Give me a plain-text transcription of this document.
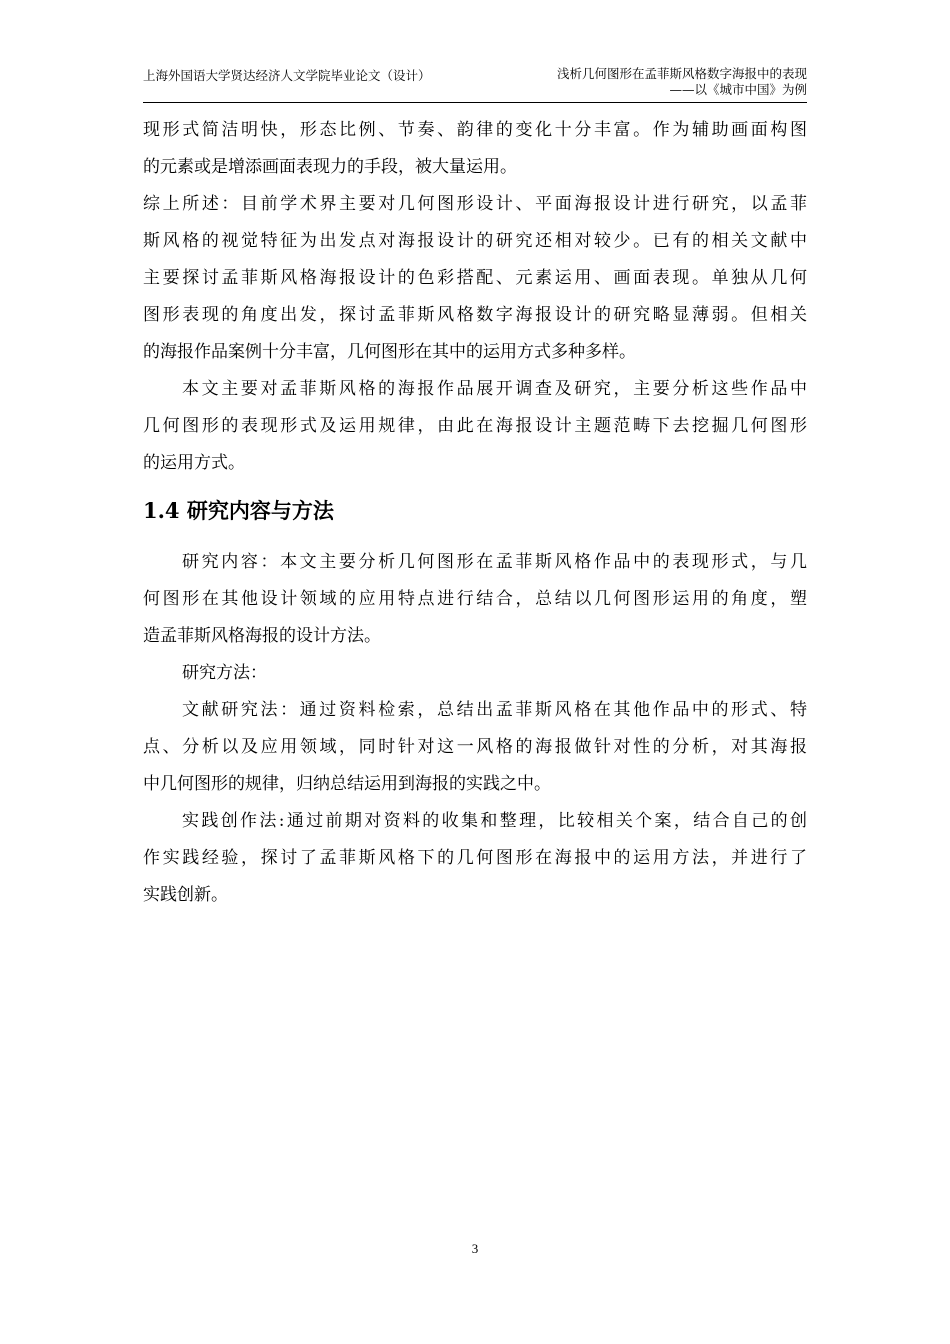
上海外国语大学贤达经济人文学院毕业论文（设计）	浅析几何图形在孟菲斯风格数字海报中的表现
——以《城市中国》为例
现形式简洁明快，形态比例、节奏、韵律的变化十分丰富。作为辅助画面构图
的元素或是增添画面表现力的手段，被大量运用。
综上所述：目前学术界主要对几何图形设计、平面海报设计进行研究，以孟菲
斯风格的视觉特征为出发点对海报设计的研究还相对较少。已有的相关文献中
主要探讨孟菲斯风格海报设计的色彩搭配、元素运用、画面表现。单独从几何
图形表现的角度出发，探讨孟菲斯风格数字海报设计的研究略显薄弱。但相关
的海报作品案例十分丰富，几何图形在其中的运用方式多种多样。
本文主要对孟菲斯风格的海报作品展开调查及研究，主要分析这些作品中
几何图形的表现形式及运用规律，由此在海报设计主题范畴下去挖掘几何图形
的运用方式。
1.4 研究内容与方法
研究内容：本文主要分析几何图形在孟菲斯风格作品中的表现形式，与几
何图形在其他设计领域的应用特点进行结合，总结以几何图形运用的角度，塑
造孟菲斯风格海报的设计方法。
研究方法：
文献研究法：通过资料检索，总结出孟菲斯风格在其他作品中的形式、特
点、分析以及应用领域，同时针对这一风格的海报做针对性的分析，对其海报
中几何图形的规律，归纳总结运用到海报的实践之中。
实践创作法:通过前期对资料的收集和整理，比较相关个案，结合自己的创
作实践经验，探讨了孟菲斯风格下的几何图形在海报中的运用方法，并进行了
实践创新。
3
